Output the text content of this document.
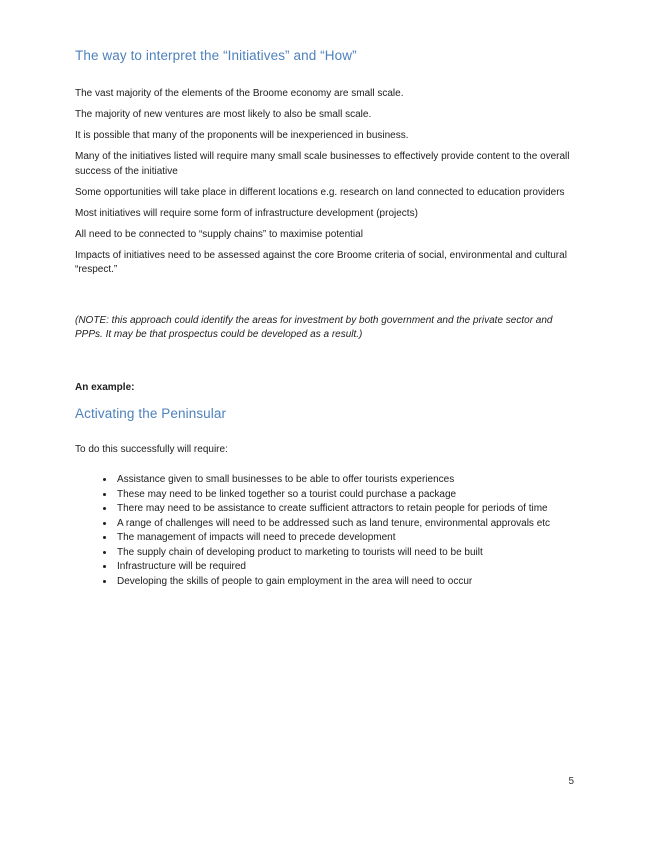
The way to interpret the “Initiatives” and “How”

The vast majority of the elements of the Broome economy are small scale.

The majority of new ventures are most likely to also be small scale.

It is possible that many of the proponents will be inexperienced in business.

Many of the initiatives listed will require many small scale businesses to effectively provide content to the overall success of the initiative

Some opportunities will take place in different locations e.g. research on land connected to education providers

Most initiatives will require some form of infrastructure development (projects)

All need to be connected to “supply chains” to maximise potential

Impacts of initiatives need to be assessed against the core Broome criteria of social, environmental and cultural “respect.”

(NOTE: this approach could identify the areas for investment by both government and the private sector and PPPs. It may be that prospectus could be developed as a result.)

An example:

Activating the Peninsular

To do this successfully will require:

• Assistance given to small businesses to be able to offer tourists experiences
• These may need to be linked together so a tourist could purchase a package
• There may need to be assistance to create sufficient attractors to retain people for periods of time
• A range of challenges will need to be addressed such as land tenure, environmental approvals etc
• The management of impacts will need to precede development
• The supply chain of developing product to marketing to tourists will need to be built
• Infrastructure will be required
• Developing the skills of people to gain employment in the area will need to occur
5
